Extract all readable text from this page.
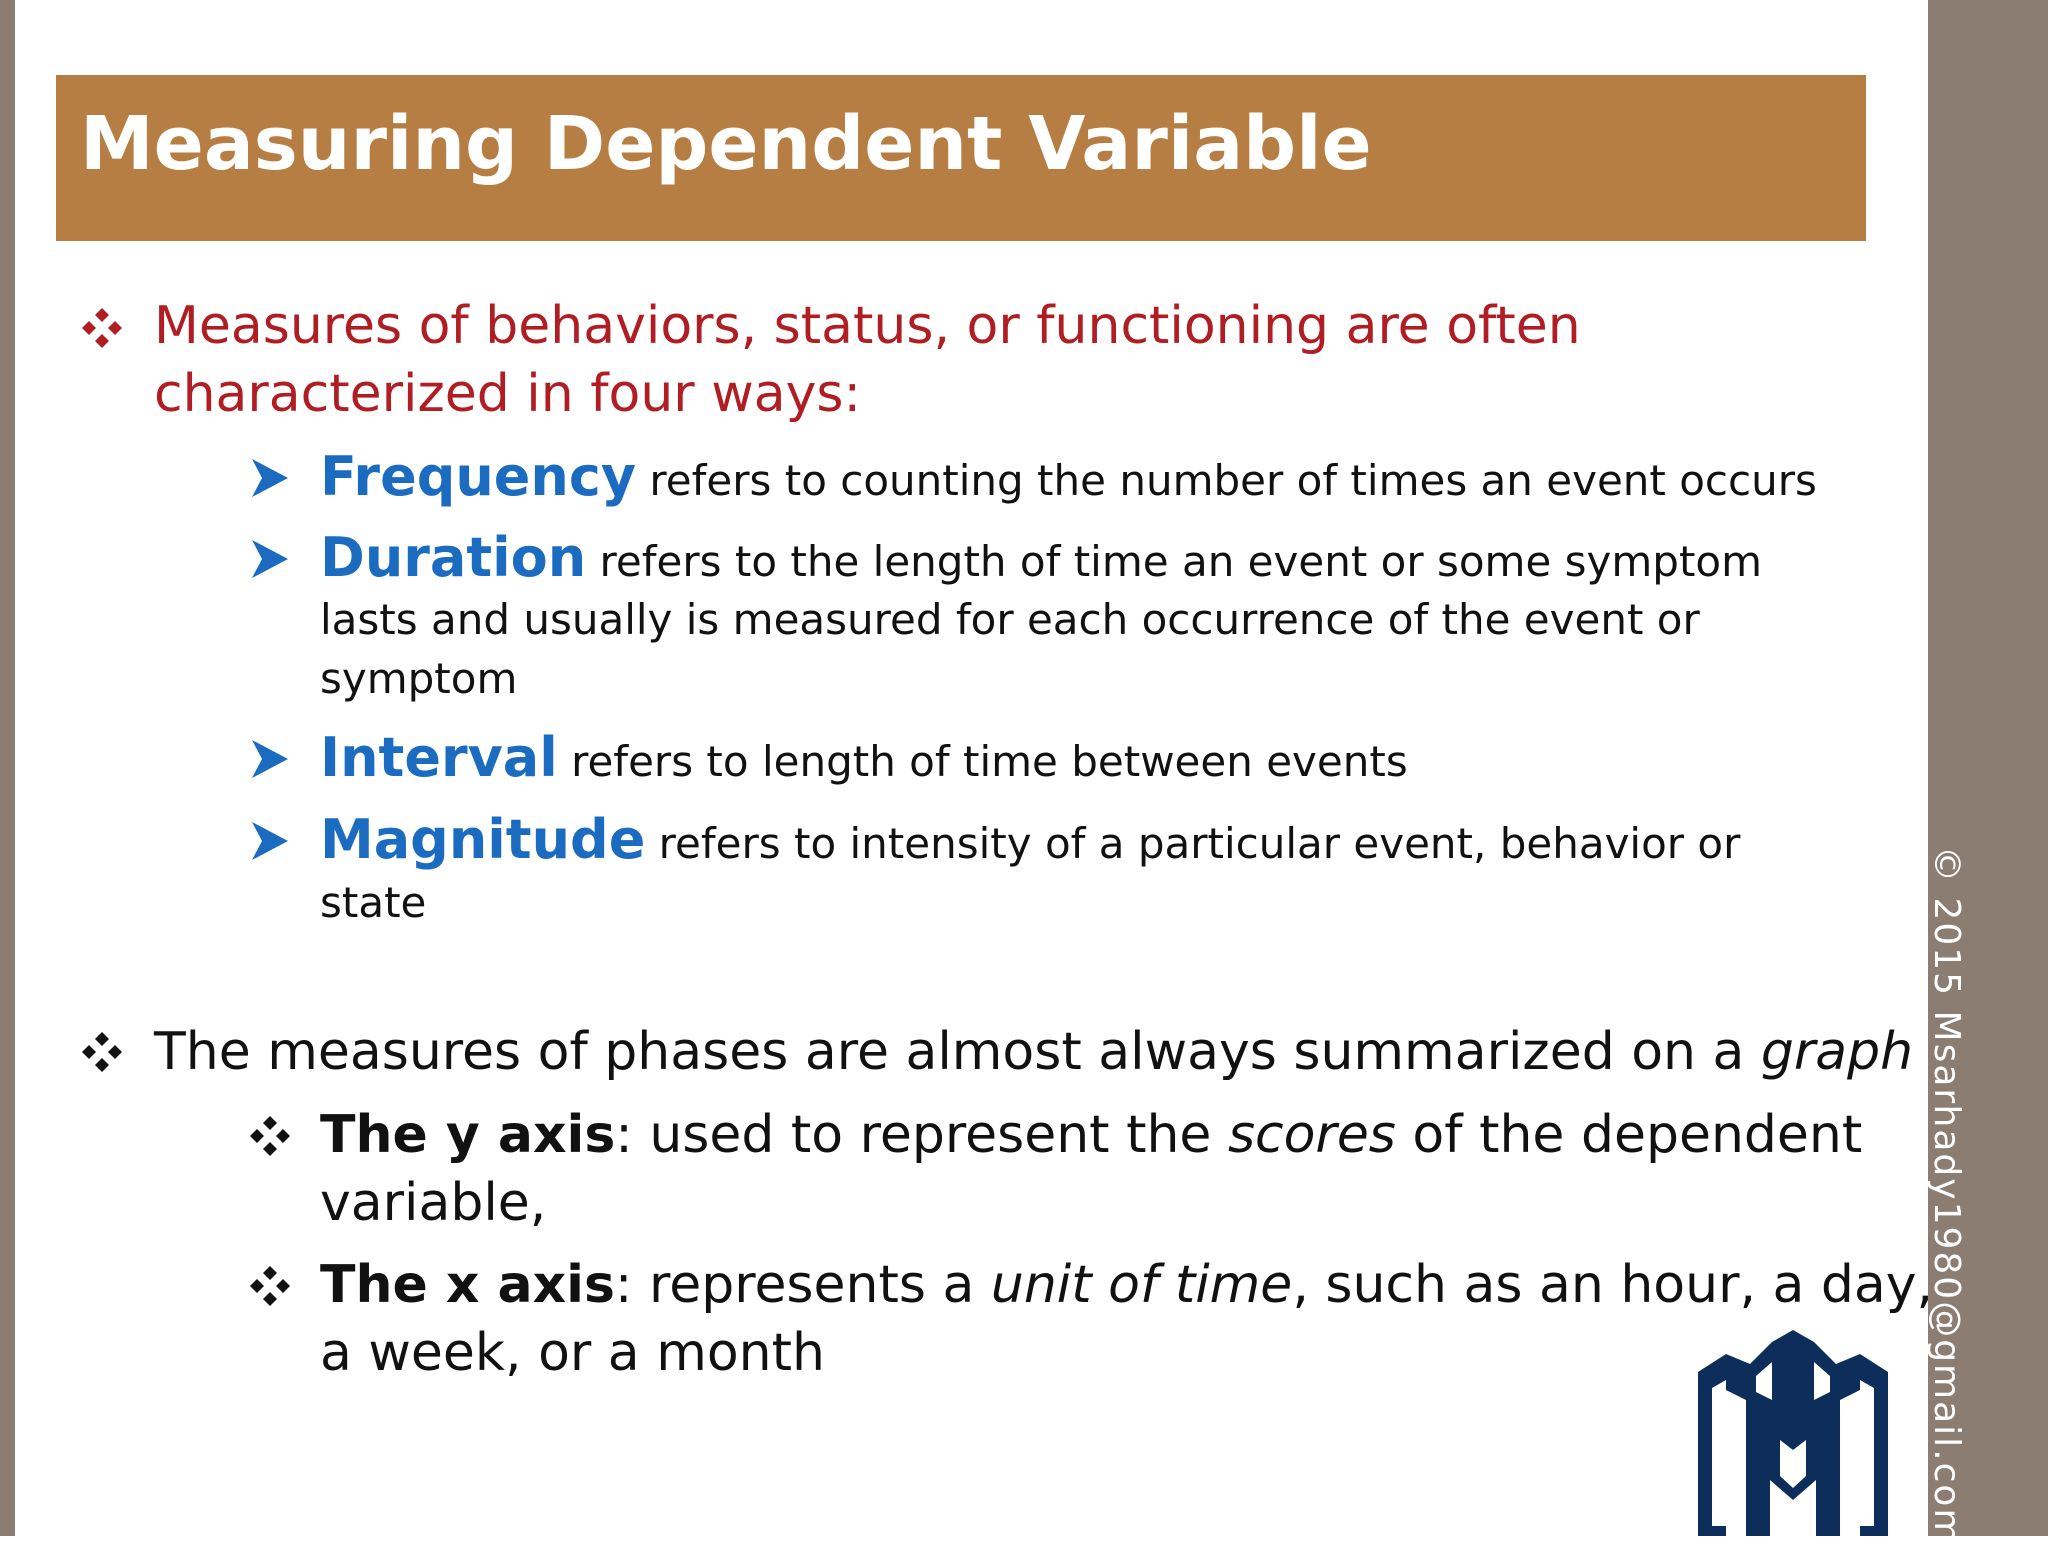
Measuring Dependent Variable

Measures of behaviors, status, or functioning are often

characterized in four ways:

Frequency refers to counting the number of times an event occurs

Duration refers to the length of time an event or some symptom

lasts and usually is measured for each occurrence of the event or

symptom

Interval refers to length of time between events

Magnitude refers to intensity of a particular event, behavior or

state

The measures of phases are almost always summarized on a graph

The y axis: used to represent the scores of the dependent

variable,

The x axis: represents a unit of time, such as an hour, a day,

a week, or a month	© 2015 Msarhady1980@gmail.com
